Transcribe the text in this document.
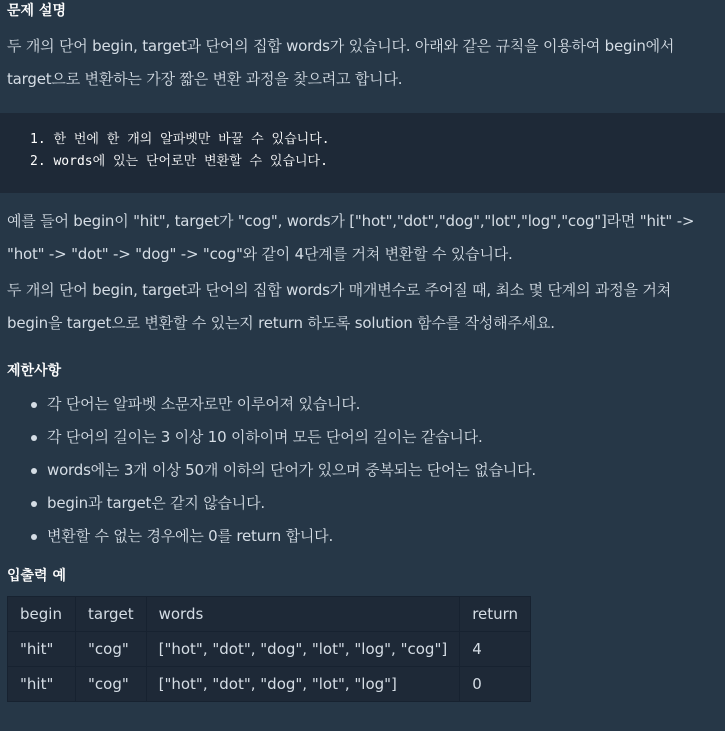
문제 설명

두 개의 단어 begin, target과 단어의 집합 words가 있습니다. 아래와 같은 규칙을 이용하여 begin에서
target으로 변환하는 가장 짧은 변환 과정을 찾으려고 합니다.

1. 한 번에 한 개의 알파벳만 바꿀 수 있습니다.
2. words에 있는 단어로만 변환할 수 있습니다.

예를 들어 begin이 "hit", target가 "cog", words가 ["hot","dot","dog","lot","log","cog"]라면 "hit" ->
"hot" -> "dot" -> "dog" -> "cog"와 같이 4단계를 거쳐 변환할 수 있습니다.

두 개의 단어 begin, target과 단어의 집합 words가 매개변수로 주어질 때, 최소 몇 단계의 과정을 거쳐
begin을 target으로 변환할 수 있는지 return 하도록 solution 함수를 작성해주세요.

제한사항
각 단어는 알파벳 소문자로만 이루어져 있습니다.
각 단어의 길이는 3 이상 10 이하이며 모든 단어의 길이는 같습니다.
words에는 3개 이상 50개 이하의 단어가 있으며 중복되는 단어는 없습니다.
begin과 target은 같지 않습니다.
변환할 수 없는 경우에는 0를 return 합니다.
입출력 예
begin	target	words	return
"hit"	"cog"	["hot", "dot", "dog", "lot", "log", "cog"]	4
"hit"	"cog"	["hot", "dot", "dog", "lot", "log"]	0
